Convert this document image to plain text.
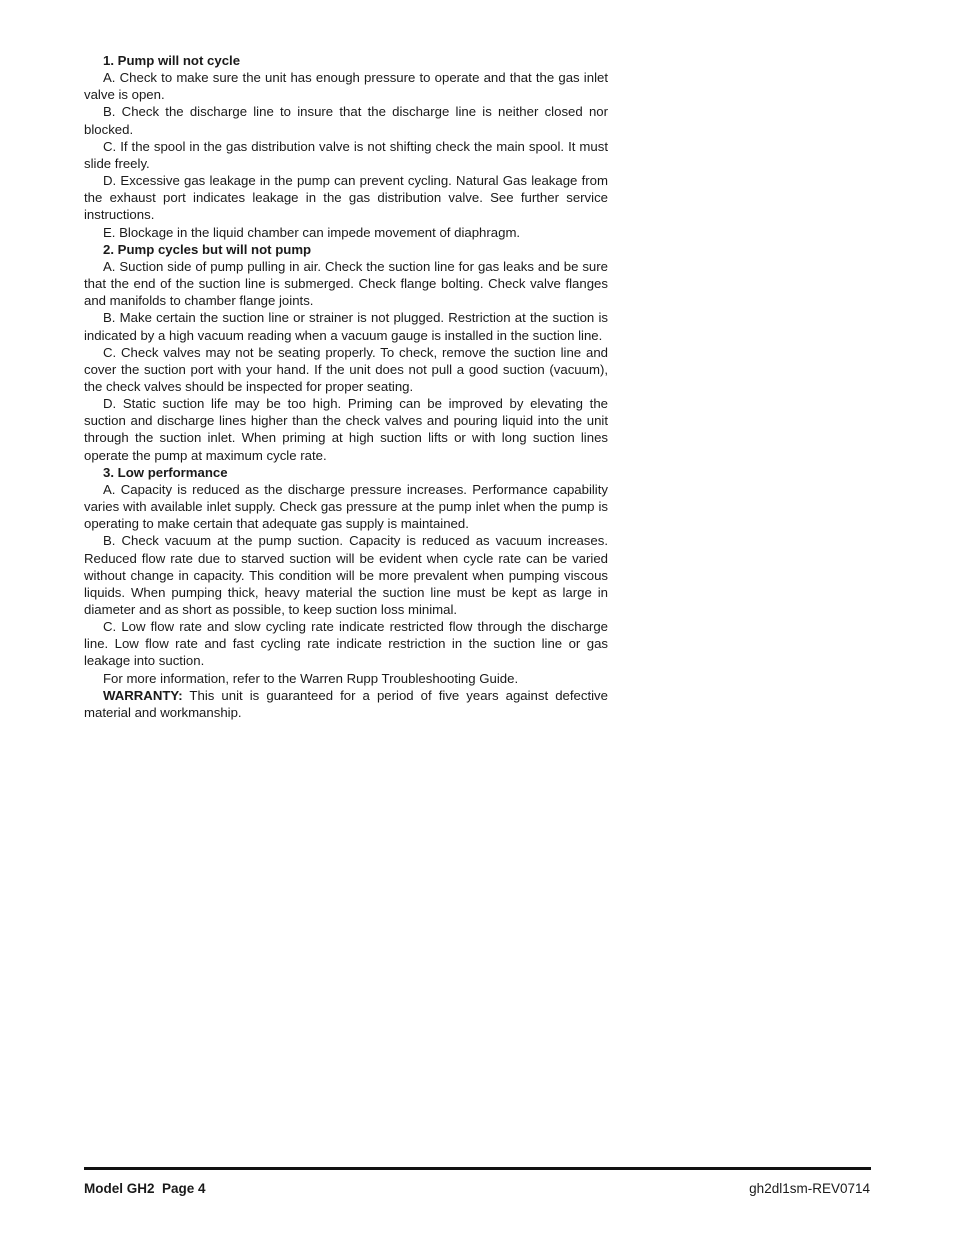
1. Pump will not cycle

A. Check to make sure the unit has enough pressure to operate and that the gas inlet valve is open.

B. Check the discharge line to insure that the discharge line is neither closed nor blocked.

C. If the spool in the gas distribution valve is not shifting check the main spool. It must slide freely.

D. Excessive gas leakage in the pump can prevent cycling. Natural Gas leakage from the exhaust port indicates leakage in the gas distribution valve. See further service instructions.

E. Blockage in the liquid chamber can impede movement of diaphragm.

2. Pump cycles but will not pump

A. Suction side of pump pulling in air. Check the suction line for gas leaks and be sure that the end of the suction line is submerged. Check flange bolting. Check valve flanges and manifolds to chamber flange joints.

B. Make certain the suction line or strainer is not plugged. Restriction at the suction is indicated by a high vacuum reading when a vacuum gauge is installed in the suction line.

C. Check valves may not be seating properly. To check, remove the suction line and cover the suction port with your hand. If the unit does not pull a good suction (vacuum), the check valves should be inspected for proper seating.

D. Static suction life may be too high. Priming can be improved by elevating the suction and discharge lines higher than the check valves and pouring liquid into the unit through the suction inlet. When priming at high suction lifts or with long suction lines operate the pump at maximum cycle rate.

3. Low performance

A. Capacity is reduced as the discharge pressure increases. Performance capability varies with available inlet supply. Check gas pressure at the pump inlet when the pump is operating to make certain that adequate gas supply is maintained.

B. Check vacuum at the pump suction. Capacity is reduced as vacuum increases. Reduced flow rate due to starved suction will be evident when cycle rate can be varied without change in capacity. This condition will be more prevalent when pumping viscous liquids. When pumping thick, heavy material the suction line must be kept as large in diameter and as short as possible, to keep suction loss minimal.

C. Low flow rate and slow cycling rate indicate restricted flow through the discharge line. Low flow rate and fast cycling rate indicate restriction in the suction line or gas leakage into suction.

For more information, refer to the Warren Rupp Troubleshooting Guide.

WARRANTY: This unit is guaranteed for a period of five years against defective material and workmanship.

Model GH2  Page 4	gh2dl1sm-REV0714
